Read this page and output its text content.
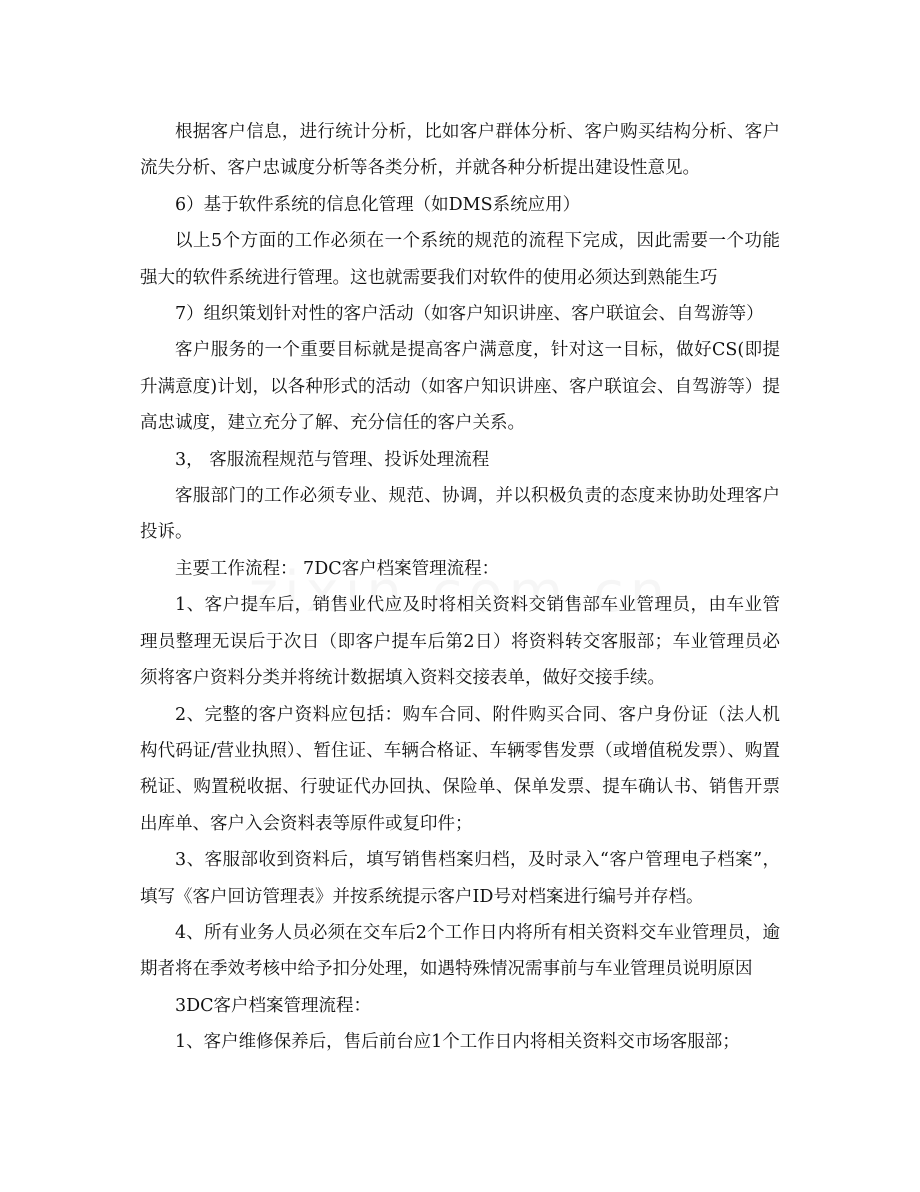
根据客户信息，进行统计分析，比如客户群体分析、客户购买结构分析、客户流失分析、客户忠诚度分析等各类分析，并就各种分析提出建设性意见。

6）基于软件系统的信息化管理（如DMS系统应用）

以上5个方面的工作必须在一个系统的规范的流程下完成，因此需要一个功能强大的软件系统进行管理。这也就需要我们对软件的使用必须达到熟能生巧

7）组织策划针对性的客户活动（如客户知识讲座、客户联谊会、自驾游等）

客户服务的一个重要目标就是提高客户满意度，针对这一目标，做好CS(即提升满意度)计划，以各种形式的活动（如客户知识讲座、客户联谊会、自驾游等）提高忠诚度，建立充分了解、充分信任的客户关系。

3， 客服流程规范与管理、投诉处理流程

客服部门的工作必须专业、规范、协调，并以积极负责的态度来协助处理客户投诉。

主要工作流程： 7DC客户档案管理流程：

1、客户提车后，销售业代应及时将相关资料交销售部车业管理员，由车业管理员整理无误后于次日（即客户提车后第2日）将资料转交客服部；车业管理员必须将客户资料分类并将统计数据填入资料交接表单，做好交接手续。

2、完整的客户资料应包括：购车合同、附件购买合同、客户身份证（法人机构代码证/营业执照）、暂住证、车辆合格证、车辆零售发票（或增值税发票）、购置税证、购置税收据、行驶证代办回执、保险单、保单发票、提车确认书、销售开票出库单、客户入会资料表等原件或复印件；

3、客服部收到资料后，填写销售档案归档，及时录入“客户管理电子档案”，填写《客户回访管理表》并按系统提示客户ID号对档案进行编号并存档。

4、所有业务人员必须在交车后2个工作日内将所有相关资料交车业管理员，逾期者将在季效考核中给予扣分处理，如遇特殊情况需事前与车业管理员说明原因

3DC客户档案管理流程：

1、客户维修保养后，售后前台应1个工作日内将相关资料交市场客服部；
